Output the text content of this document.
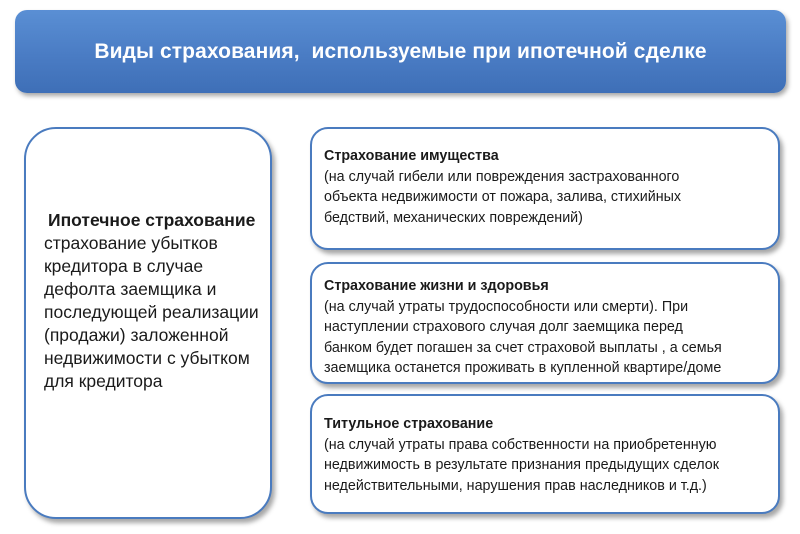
Виды страхования,  используемые при ипотечной сделке
Ипотечное страхование
страхование убытков кредитора в случае дефолта заемщика и последующей реализации (продажи) заложенной недвижимости с убытком для кредитора
Страхование имущества
(на случай гибели или повреждения застрахованного
объекта недвижимости от пожара, залива, стихийных
бедствий, механических повреждений)
Страхование жизни и здоровья
(на случай утраты трудоспособности или смерти). При
наступлении страхового случая долг заемщика перед
банком будет погашен за счет страховой выплаты , а семья
заемщика останется проживать в купленной квартире/доме
Титульное страхование
(на случай утраты права собственности на приобретенную
недвижимость в результате признания предыдущих сделок
недействительными, нарушения прав наследников и т.д.)
